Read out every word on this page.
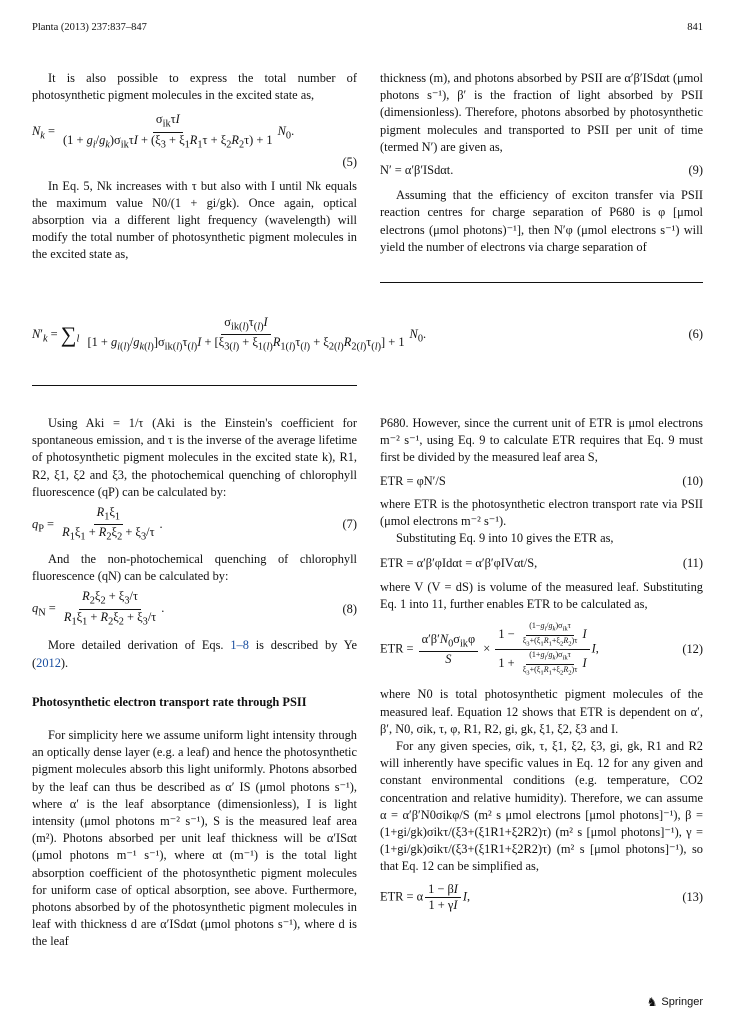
Planta (2013) 237:837–847	841

It is also possible to express the total number of photosynthetic pigment molecules in the excited state as,

$N_k = \frac{\sigma_{ik}\tau I}{(1 + g_i/g_k)\sigma_{ik}\tau I + (\xi_3 + \xi_1R_1\tau + \xi_2R_2\tau) + 1} N_0$.
(5)

In Eq. 5, Nk increases with τ but also with I until Nk equals the maximum value N0/(1 + gi/gk). Once again, optical absorption via a different light frequency (wavelength) will modify the total number of photosynthetic pigment molecules in the excited state as,

thickness (m), and photons absorbed by PSII are α′β′ISdαt (μmol photons s⁻¹), β′ is the fraction of light absorbed by PSII (dimensionless). Therefore, photons absorbed by photosynthetic pigment molecules and transported to PSII per unit of time (termed N′) are given as,

N′ = α′β′ISdαt.	(9)

Assuming that the efficiency of exciton transfer via PSII reaction centres for charge separation of P680 is φ [μmol electrons (μmol photons)⁻¹], then N′φ (μmol electrons s⁻¹) will yield the number of electrons via charge separation of

$N'_k = \sum_l$
$\sigma_{ik(l)}\tau_{(l)}I$
$[1 + g_{i(l)}/g_{k(l)}]\sigma_{ik(l)}\tau_{(l)}I + [\xi_{3(l)} + \xi_{1(l)}R_{1(l)}\tau_{(l)} + \xi_{2(l)}R_{2(l)}\tau_{(l)}] + 1$
$N_0$.	(6)

Using Aki = 1/τ (Aki is the Einstein's coefficient for spontaneous emission, and τ is the inverse of the average lifetime of photosynthetic pigment molecules in the excited state k), R1, R2, ξ1, ξ2 and ξ3, the photochemical quenching of chlorophyll fluorescence (qP) can be calculated by:

$q_P = \frac{R_1\xi_1}{R_1\xi_1 + R_2\xi_2 + \xi_3/\tau}$ .	(7)

And the non-photochemical quenching of chlorophyll fluorescence (qN) can be calculated by:

$q_N = \frac{R_2\xi_2 + \xi_3/\tau}{R_1\xi_1 + R_2\xi_2 + \xi_3/\tau}$ .	(8)

More detailed derivation of Eqs. 1–8 is described by Ye (2012).

Photosynthetic electron transport rate through PSII

For simplicity here we assume uniform light intensity through an optically dense layer (e.g. a leaf) and hence the photosynthetic pigment molecules absorb this light uniformly. Photons absorbed by the leaf can thus be described as α′ IS (μmol photons s⁻¹), where α′ is the leaf absorptance (dimensionless), I is light intensity (μmol photons m⁻² s⁻¹), S is the measured leaf area (m²). Photons absorbed per unit leaf thickness will be α′ISαt (μmol photons m⁻¹ s⁻¹), where αt (m⁻¹) is the total light absorption coefficient of the photosynthetic pigment molecules for uniform case of optical absorption, see above. Furthermore, photons absorbed by of the photosynthetic pigment molecules in leaf with thickness d are α′ISdαt (μmol photons s⁻¹), where d is the leaf

P680. However, since the current unit of ETR is μmol electrons m⁻² s⁻¹, using Eq. 9 to calculate ETR requires that Eq. 9 must first be divided by the measured leaf area S,

ETR = φN′/S	(10)

where ETR is the photosynthetic electron transport rate via PSII (μmol electrons m⁻² s⁻¹).

Substituting Eq. 9 into 10 gives the ETR as,

ETR = α′β′φIdαt = α′β′φIVαt/S,	(11)

where V (V = dS) is volume of the measured leaf. Substituting Eq. 1 into 11, further enables ETR to be calculated as,

ETR = $\frac{\alpha'\beta'N_0\sigma_{ik}\varphi}{S} \times \frac{1 - \frac{(1-g_i/g_k)\sigma_{ik}\tau}{\xi_3+(\xi_1R_1+\xi_2R_2)\tau} I}{1 + \frac{(1+g_i/g_k)\sigma_{ik}\tau}{\xi_3+(\xi_1R_1+\xi_2R_2)\tau} I} I$,	(12)

where N0 is total photosynthetic pigment molecules of the measured leaf. Equation 12 shows that ETR is dependent on α′, β′, N0, σik, τ, φ, R1, R2, gi, gk, ξ1, ξ2, ξ3 and I.

For any given species, σik, τ, ξ1, ξ2, ξ3, gi, gk, R1 and R2 will inherently have specific values in Eq. 12 for any given and constant environmental conditions (e.g. temperature, CO2 concentration and relative humidity). Therefore, we can assume α = α′β′N0σikφ/S (m² s μmol electrons [μmol photons]⁻¹), β = (1+gi/gk)σikτ/(ξ3+(ξ1R1+ξ2R2)τ) (m² s [μmol photons]⁻¹), γ = (1+gi/gk)σikτ/(ξ3+(ξ1R1+ξ2R2)τ) (m² s [μmol photons]⁻¹), so that Eq. 12 can be simplified as,

ETR = α $\frac{1 - \beta I}{1 + \gamma I} I$,	(13)
♞ Springer
